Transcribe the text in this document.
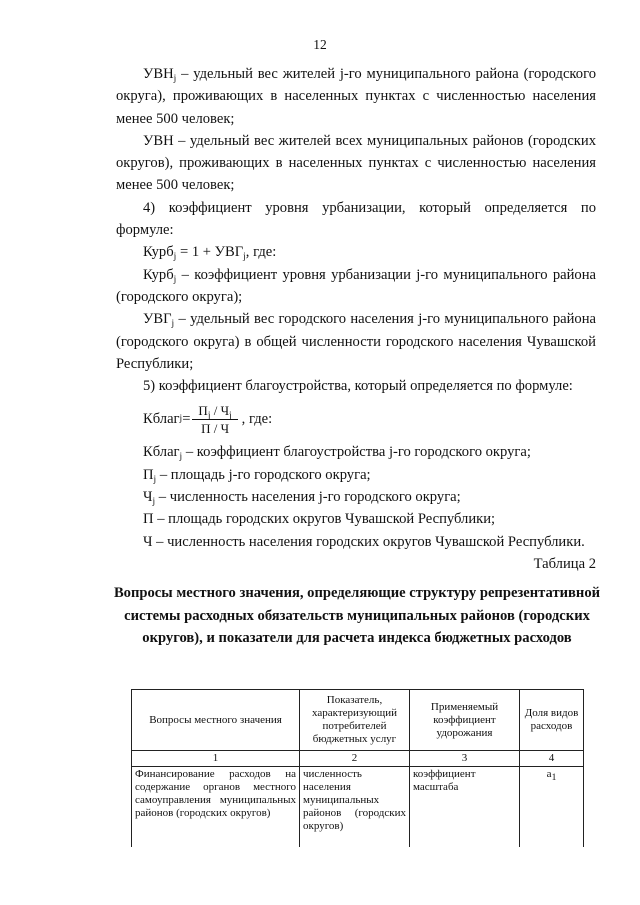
12

$УВН_j$ – удельный вес жителей j-го муниципального района (городского округа), проживающих в населенных пунктах с численностью населения менее 500 человек;

УВН – удельный вес жителей всех муниципальных районов (городских округов), проживающих в населенных пунктах с численностью населения менее 500 человек;

4) коэффициент уровня урбанизации, который определяется по формуле:

Курб$_j$ = $1 + УВГ_j$, где:

Курб$_j$ – коэффициент уровня урбанизации j-го муниципального района (городского округа);

$УВГ_j$ – удельный вес городского населения j-го муниципального района (городского округа) в общей численности городского населения Чувашской Республики;

5) коэффициент благоустройства, который определяется по формуле:

Кблаг $j = \frac{П_j / Ч_j}{П / Ч}$ , где:

Кблаг$_j$ – коэффициент благоустройства j-го городского округа;

$П_j$ – площадь j-го городского округа;

$Ч_j$ – численность населения j-го городского округа;

П – площадь городских округов Чувашской Республики;

Ч – численность населения городских округов Чувашской Республики.

Таблица 2

Вопросы местного значения, определяющие структуру репрезентативной системы расходных обязательств муниципальных районов (городских округов), и показатели для расчета индекса бюджетных расходов
Вопросы местного значения	Показатель, характеризующий потребителей бюджетных услуг	Применяемый коэффициент удорожания	Доля видов расходов
1	2	3	4
Финансирование расходов на содержание органов местного самоуправления муниципальных районов (городских округов)	численность населения муниципальных районов (городских округов)	коэффициент масштаба	$a_1$
